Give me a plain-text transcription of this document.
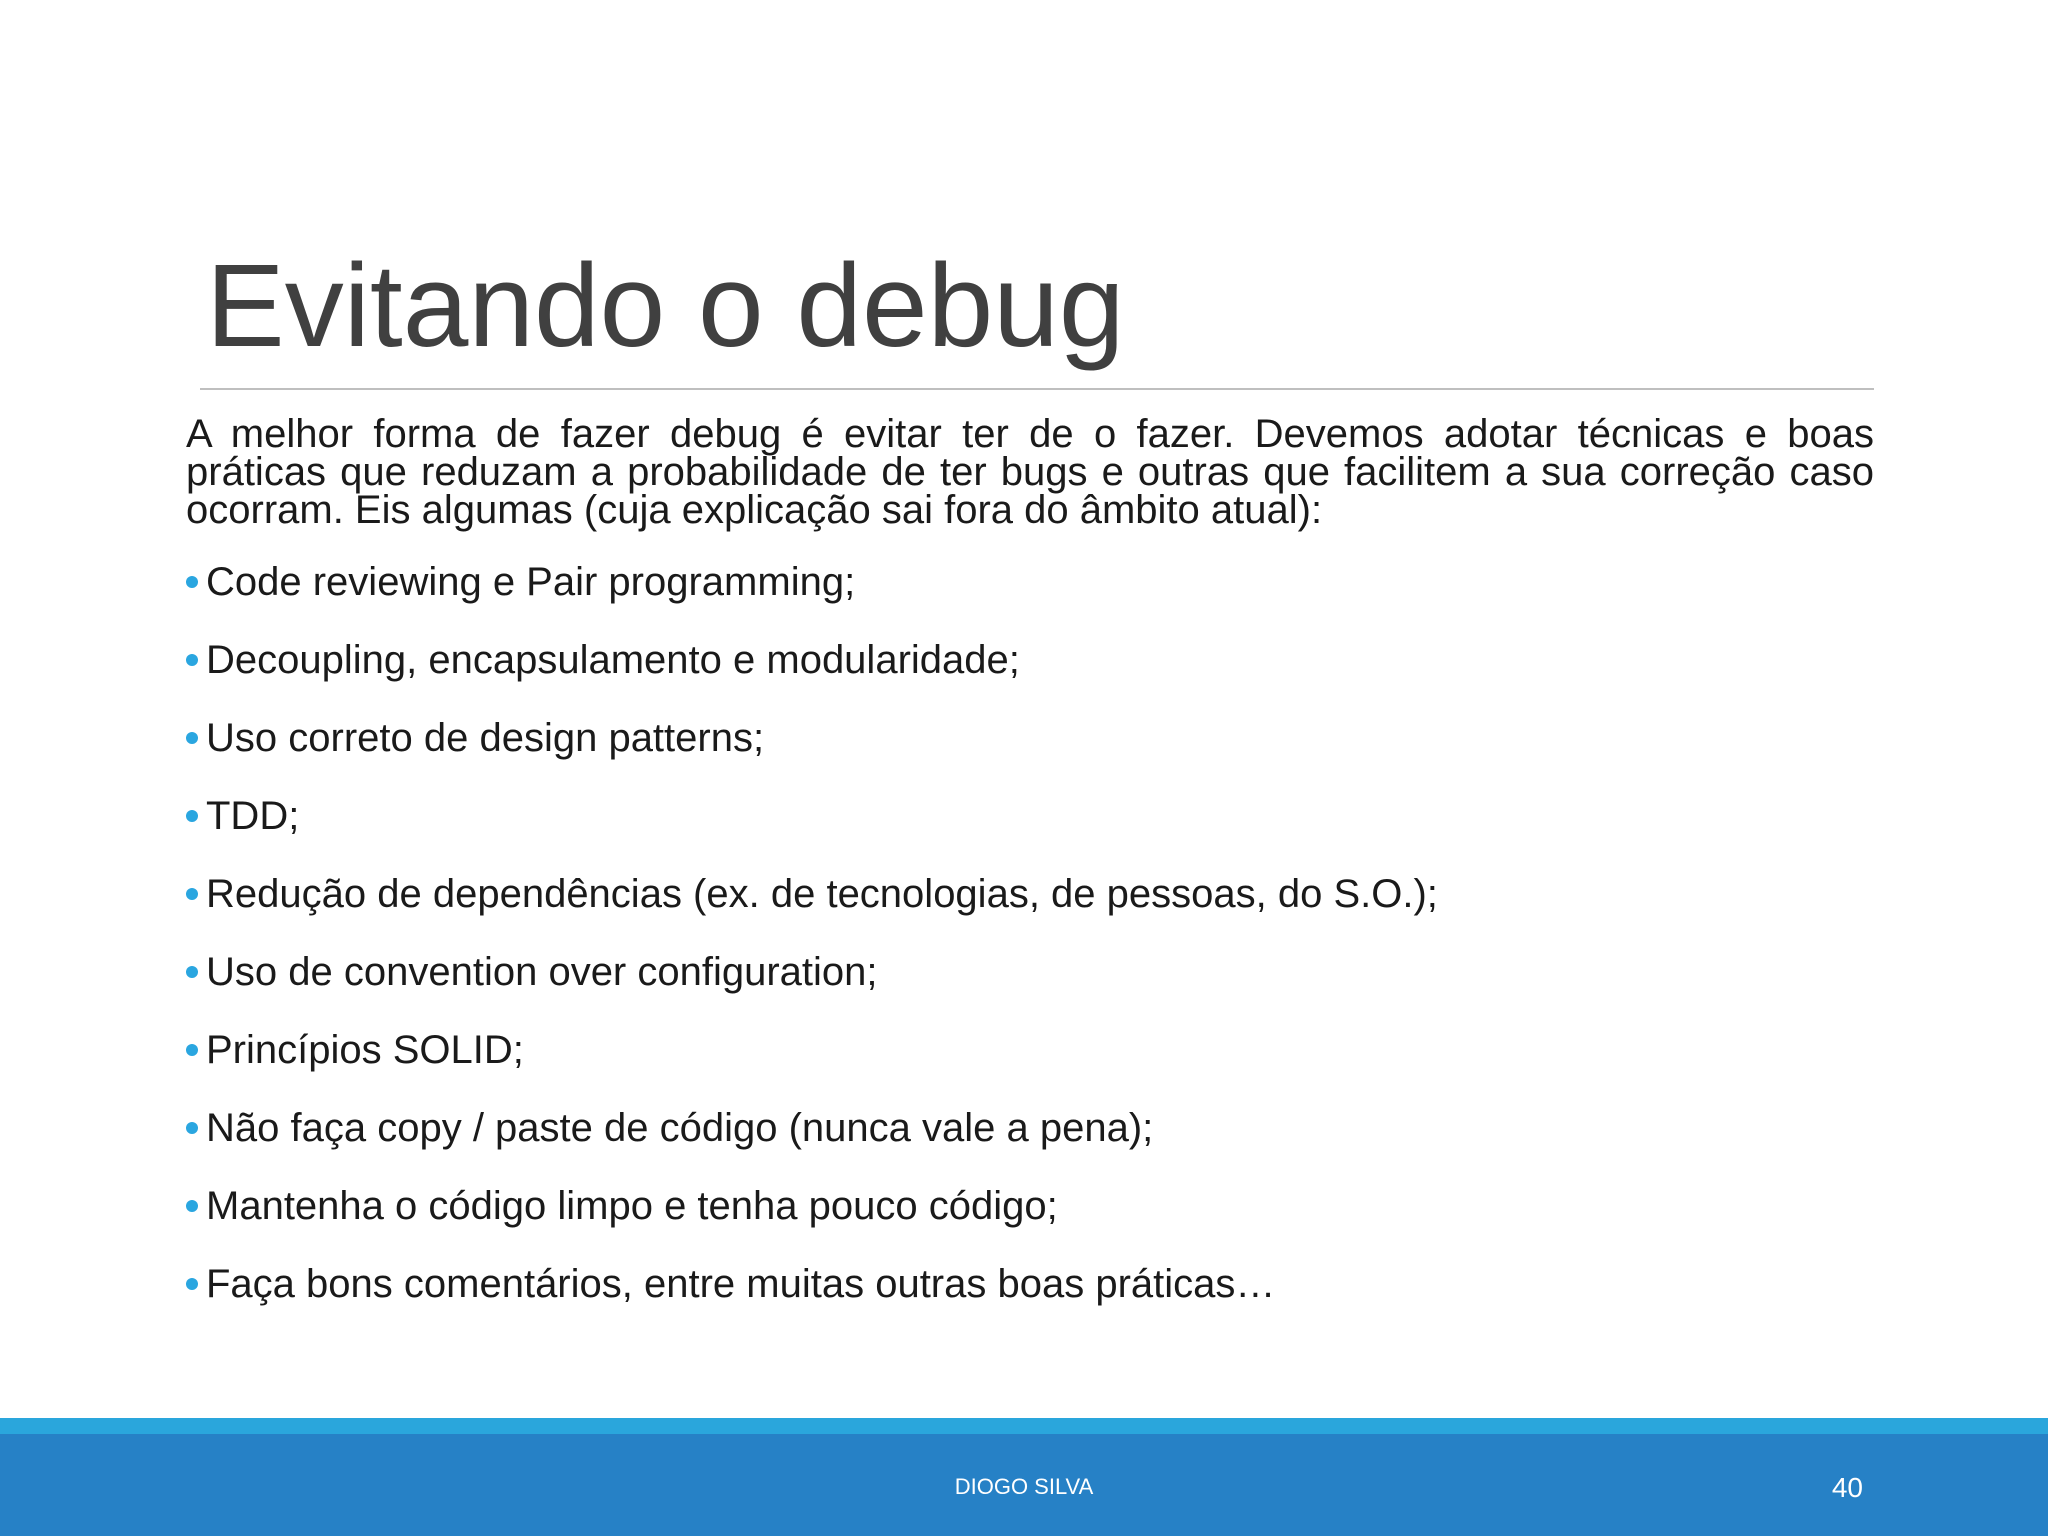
Evitando o debug

A melhor forma de fazer debug é evitar ter de o fazer. Devemos adotar técnicas e boas práticas que reduzam a probabilidade de ter bugs e outras que facilitem a sua correção caso ocorram. Eis algumas (cuja explicação sai fora do âmbito atual):

Code reviewing e Pair programming;
Decoupling, encapsulamento e modularidade;
Uso correto de design patterns;
TDD;
Redução de dependências (ex. de tecnologias, de pessoas, do S.O.);
Uso de convention over configuration;
Princípios SOLID;
Não faça copy / paste de código (nunca vale a pena);
Mantenha o código limpo e tenha pouco código;
Faça bons comentários, entre muitas outras boas práticas…
DIOGO SILVA	40
